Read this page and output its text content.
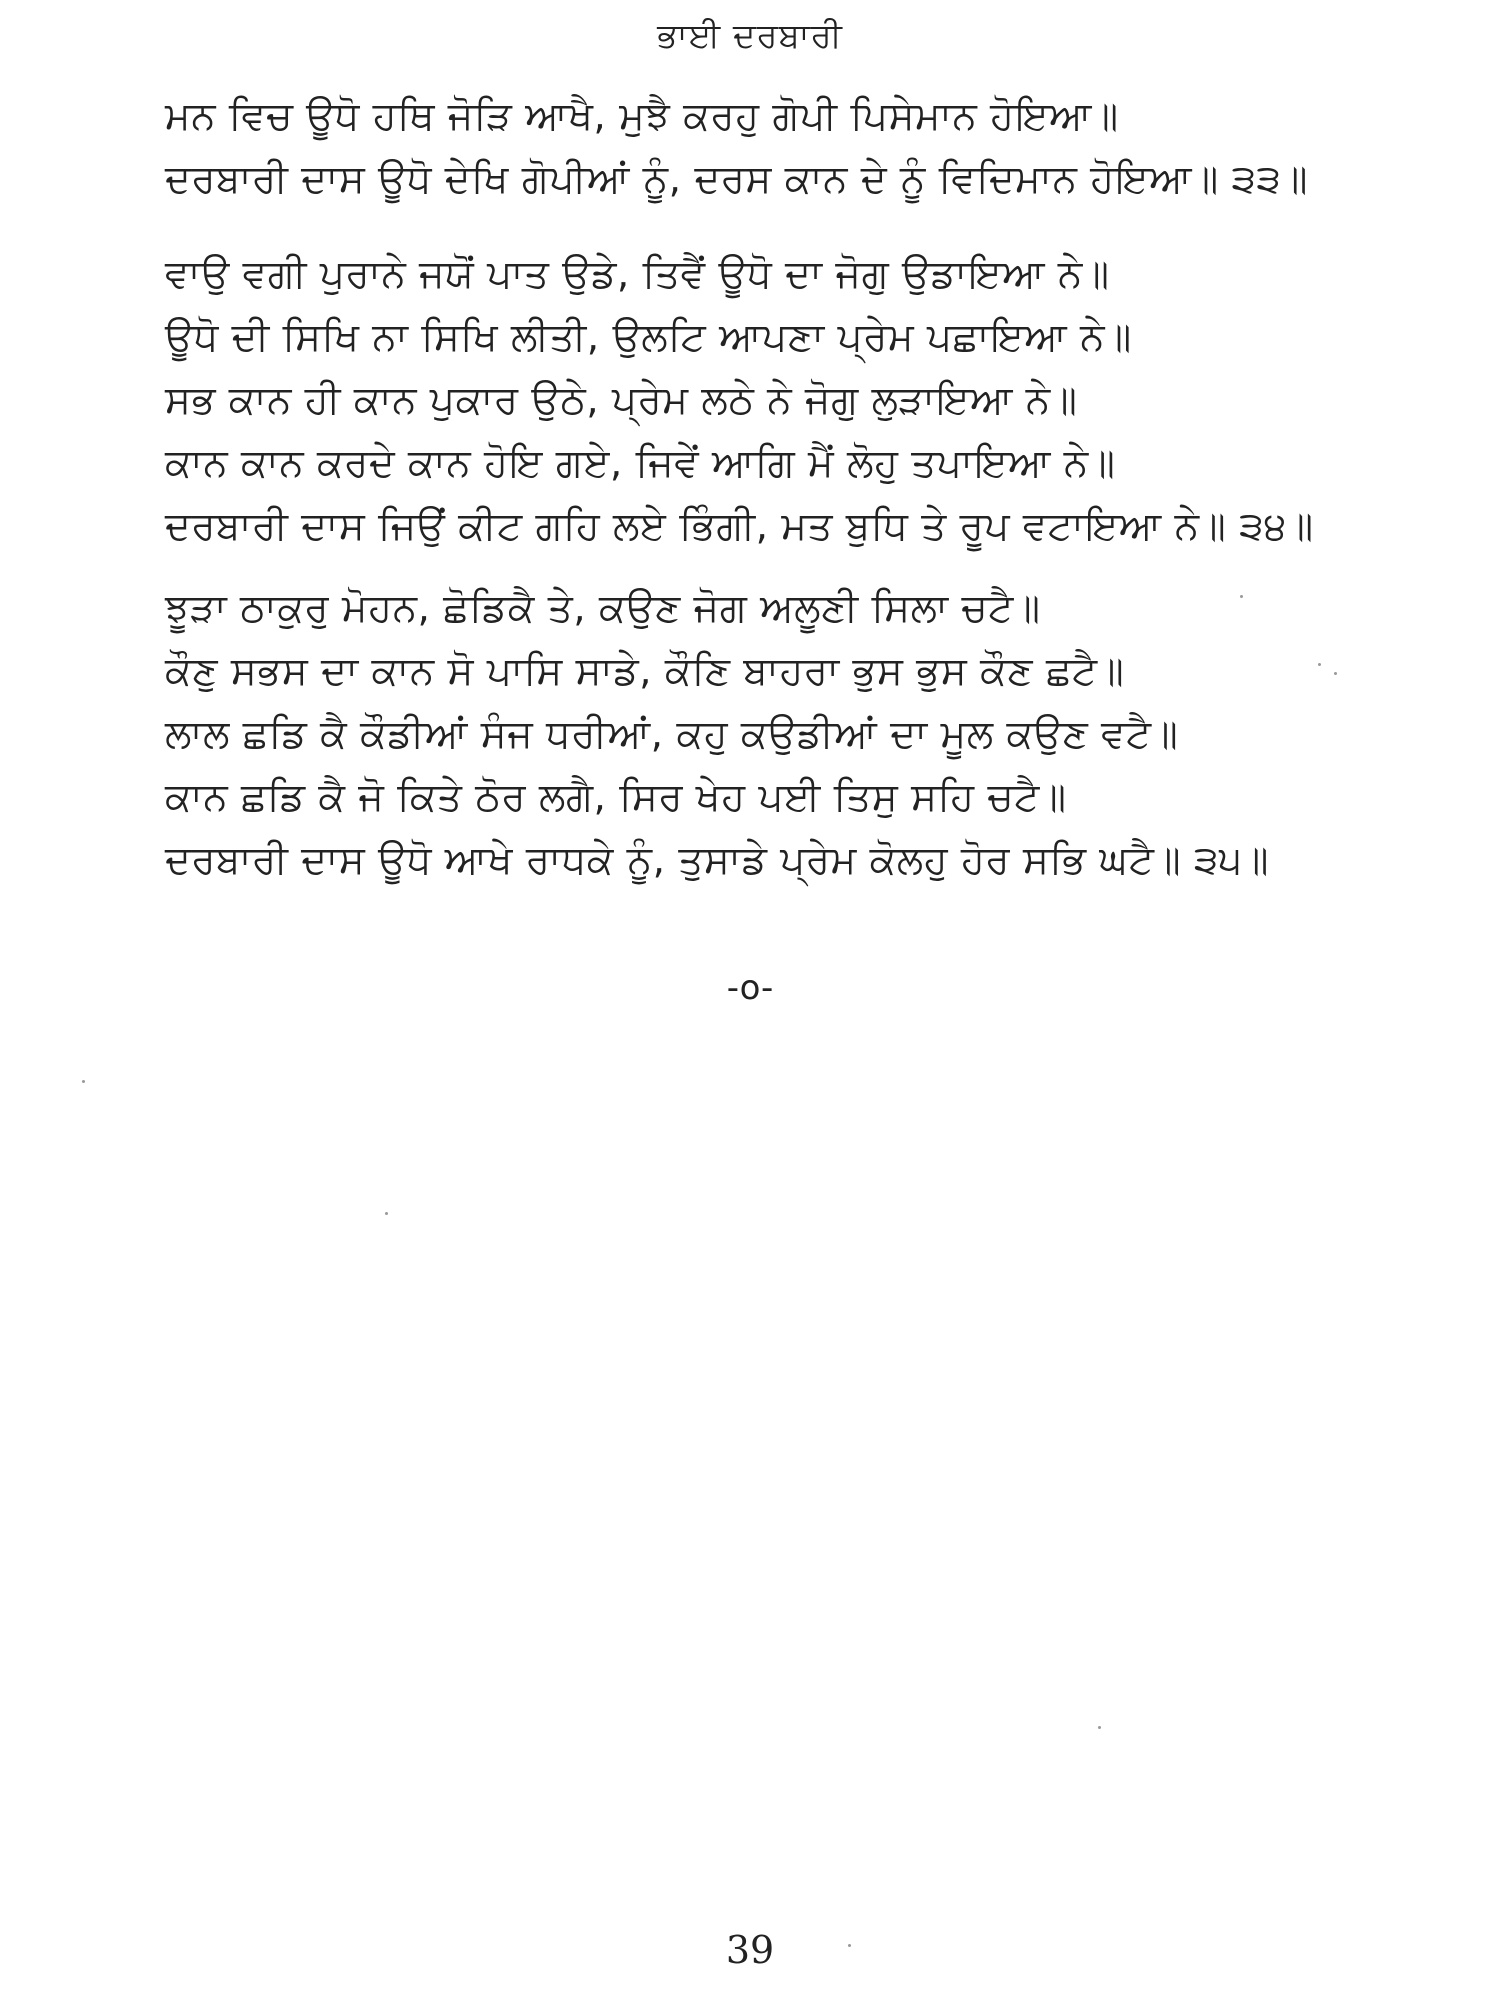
ਭਾਈ ਦਰਬਾਰੀ
ਮਨ ਵਿਚ ਊਧੋ ਹਥਿ ਜੋੜਿ ਆਖੈ, ਮੁਝੈ ਕਰਹੁ ਗੋਪੀ ਪਿਸੇਮਾਨ ਹੋਇਆ॥
ਦਰਬਾਰੀ ਦਾਸ ਊਧੋ ਦੇਖਿ ਗੋਪੀਆਂ ਨੂੰ, ਦਰਸ ਕਾਨ ਦੇ ਨੂੰ ਵਿਦਿਮਾਨ ਹੋਇਆ॥ ੩੩॥
ਵਾਉ ਵਗੀ ਪੁਰਾਨੇ ਜਯੋਂ ਪਾਤ ਉਡੇ, ਤਿਵੈਂ ਊਧੋ ਦਾ ਜੋਗੁ ਉਡਾਇਆ ਨੇ॥
ਊਧੋ ਦੀ ਸਿਖਿ ਨਾ ਸਿਖਿ ਲੀਤੀ, ਉਲਟਿ ਆਪਣਾ ਪ੍ਰੇਮ ਪਛਾਇਆ ਨੇ॥
ਸਭ ਕਾਨ ਹੀ ਕਾਨ ਪੁਕਾਰ ਉਠੇ, ਪ੍ਰੇਮ ਲਠੇ ਨੇ ਜੋਗੁ ਲੁੜਾਇਆ ਨੇ॥
ਕਾਨ ਕਾਨ ਕਰਦੇ ਕਾਨ ਹੋਇ ਗਏ, ਜਿਵੇਂ ਆਗਿ ਮੈਂ ਲੋਹੁ ਤਪਾਇਆ ਨੇ॥
ਦਰਬਾਰੀ ਦਾਸ ਜਿਉਂ ਕੀਟ ਗਹਿ ਲਏ ਭਿੰਗੀ, ਮਤ ਬੁਧਿ ਤੇ ਰੂਪ ਵਟਾਇਆ ਨੇ॥ ੩੪॥
ਝੂੜਾ ਠਾਕੁਰੁ ਮੋਹਨ, ਛੋਡਿਕੈ ਤੇ, ਕਉਣ ਜੋਗ ਅਲੂਣੀ ਸਿਲਾ ਚਟੈ॥
ਕੌਣੁ ਸਭਸ ਦਾ ਕਾਨ ਸੋ ਪਾਸਿ ਸਾਡੇ, ਕੌਣਿ ਬਾਹਰਾ ਭੁਸ ਭੁਸ ਕੌਣ ਛਟੈ॥
ਲਾਲ ਛਡਿ ਕੈ ਕੌਡੀਆਂ ਸੰਜ ਧਰੀਆਂ, ਕਹੁ ਕਉਡੀਆਂ ਦਾ ਮੂਲ ਕਉਣ ਵਟੈ॥
ਕਾਨ ਛਡਿ ਕੈ ਜੋ ਕਿਤੇ ਠੋਰ ਲਗੈ, ਸਿਰ ਖੇਹ ਪਈ ਤਿਸੁ ਸਹਿ ਚਟੈ॥
ਦਰਬਾਰੀ ਦਾਸ ਊਧੋ ਆਖੇ ਰਾਧਕੇ ਨੂੰ, ਤੁਸਾਡੇ ਪ੍ਰੇਮ ਕੋਲਹੁ ਹੋਰ ਸਭਿ ਘਟੈ॥ ੩੫॥
-o-
39
